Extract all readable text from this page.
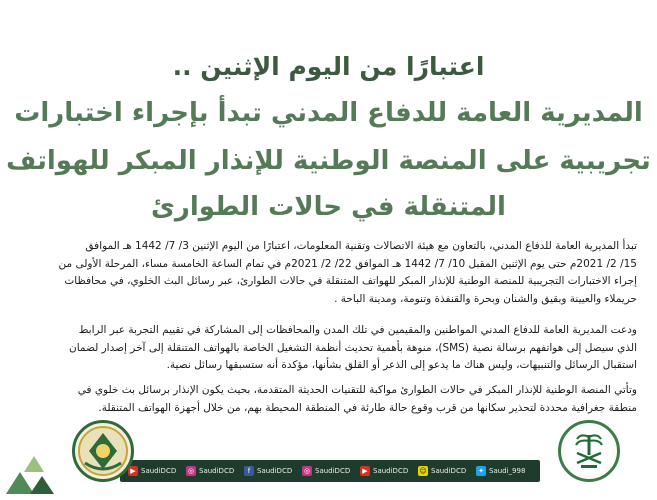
اعتبارًا من اليوم الإثنين ..
المديرية العامة للدفاع المدني تبدأ بإجراء اختبارات
تجريبية على المنصة الوطنية للإنذار المبكر للهواتف
المتنقلة في حالات الطوارئ
تبدأ المديرية العامة للدفاع المدني، بالتعاون مع هيئة الاتصالات وتقنية المعلومات، اعتبارًا من اليوم الإثنين 3/ 7/ 1442 هـ الموافق
15/ 2/ 2021م حتى يوم الإثنين المقبل 10/ 7/ 1442 هـ الموافق 22/ 2/ 2021م في تمام الساعة الخامسة مساء، المرحلة الأولى من
إجراء الاختبارات التجريبية للمنصة الوطنية للإنذار المبكر للهواتف المتنقلة في حالات الطوارئ، عبر رسائل البث الخلوي، في محافظات
حريملاء والعيينة وبقيق والشنان وبحرة والقنفذة وتنومة، ومدينة الباحة .
ودعت المديرية العامة للدفاع المدني المواطنين والمقيمين في تلك المدن والمحافظات إلى المشاركة في تقييم التجربة عبر الرابط
الذي سيصل إلى هواتفهم برسالة نصية (SMS)، منوهة بأهمية تحديث أنظمة التشغيل الخاصة بالهواتف المتنقلة إلى آخر إصدار لضمان
استقبال الرسائل والتنبيهات، وليس هناك ما يدعو إلى الذعر أو القلق بشأنها، مؤكدة أنه ستسبقها رسائل نصية.
وتأتي المنصة الوطنية للإنذار المبكر في حالات الطوارئ مواكبة للتقنيات الحديثة المتقدمة، بحيث يكون الإنذار برسائل بث خلوي في
منطقة جغرافية محددة لتحذير سكانها من قرب وقوع حالة طارئة في المنطقة المحيطة بهم، من خلال أجهزة الهواتف المتنقلة.
▶ SaudiDCD ◎ SaudiDCD	f SaudiDCD ◎ SaudiDCD	▶ SaudiDCD ☺ SaudiDCD ✦ Saudi_998
